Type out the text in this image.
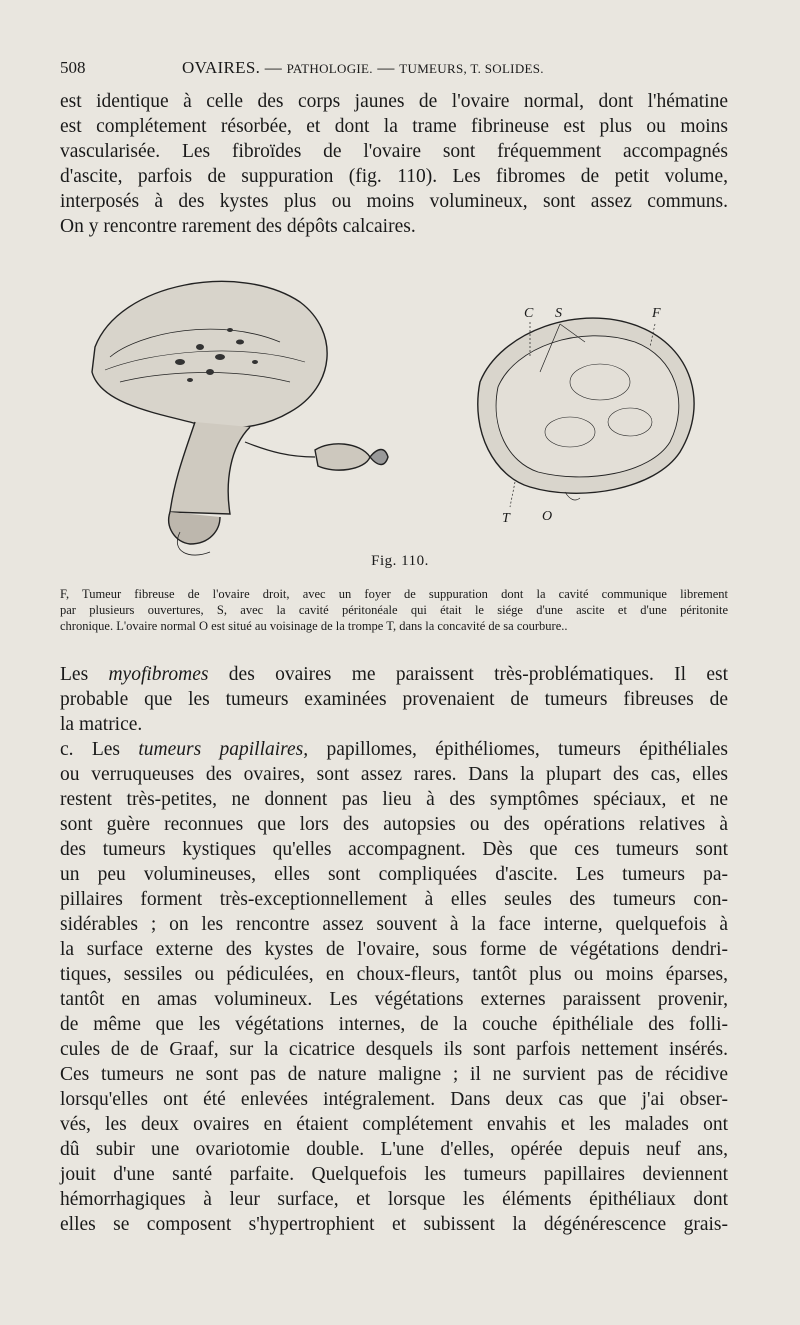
508	OVAIRES. — PATHOLOGIE. — TUMEURS, T. SOLIDES.
est identique à celle des corps jaunes de l'ovaire normal, dont l'hématine
est complétement résorbée, et dont la trame fibrineuse est plus ou moins
vascularisée. Les fibroïdes de l'ovaire sont fréquemment accompagnés
d'ascite, parfois de suppuration (fig. 110). Les fibromes de petit volume,
interposés à des kystes plus ou moins volumineux, sont assez communs.
On y rencontre rarement des dépôts calcaires.
C S	F
T O
Fig. 110.
F, Tumeur fibreuse de l'ovaire droit, avec un foyer de suppuration dont la cavité communique librement
par plusieurs ouvertures, S, avec la cavité péritonéale qui était le siége d'une ascite et d'une péritonite
chronique. L'ovaire normal O est situé au voisinage de la trompe T, dans la concavité de sa courbure..
Les myofibromes des ovaires me paraissent très-problématiques. Il est
probable que les tumeurs examinées provenaient de tumeurs fibreuses de
la matrice.
c. Les tumeurs papillaires, papillomes, épithéliomes, tumeurs épithéliales
ou verruqueuses des ovaires, sont assez rares. Dans la plupart des cas, elles
restent très-petites, ne donnent pas lieu à des symptômes spéciaux, et ne
sont guère reconnues que lors des autopsies ou des opérations relatives à
des tumeurs kystiques qu'elles accompagnent. Dès que ces tumeurs sont
un peu volumineuses, elles sont compliquées d'ascite. Les tumeurs pa-
pillaires forment très-exceptionnellement à elles seules des tumeurs con-
sidérables ; on les rencontre assez souvent à la face interne, quelquefois à
la surface externe des kystes de l'ovaire, sous forme de végétations dendri-
tiques, sessiles ou pédiculées, en choux-fleurs, tantôt plus ou moins éparses,
tantôt en amas volumineux. Les végétations externes paraissent provenir,
de même que les végétations internes, de la couche épithéliale des folli-
cules de de Graaf, sur la cicatrice desquels ils sont parfois nettement insérés.
Ces tumeurs ne sont pas de nature maligne ; il ne survient pas de récidive
lorsqu'elles ont été enlevées intégralement. Dans deux cas que j'ai obser-
vés, les deux ovaires en étaient complétement envahis et les malades ont
dû subir une ovariotomie double. L'une d'elles, opérée depuis neuf ans,
jouit d'une santé parfaite. Quelquefois les tumeurs papillaires deviennent
hémorrhagiques à leur surface, et lorsque les éléments épithéliaux dont
elles se composent s'hypertrophient et subissent la dégénérescence grais-
